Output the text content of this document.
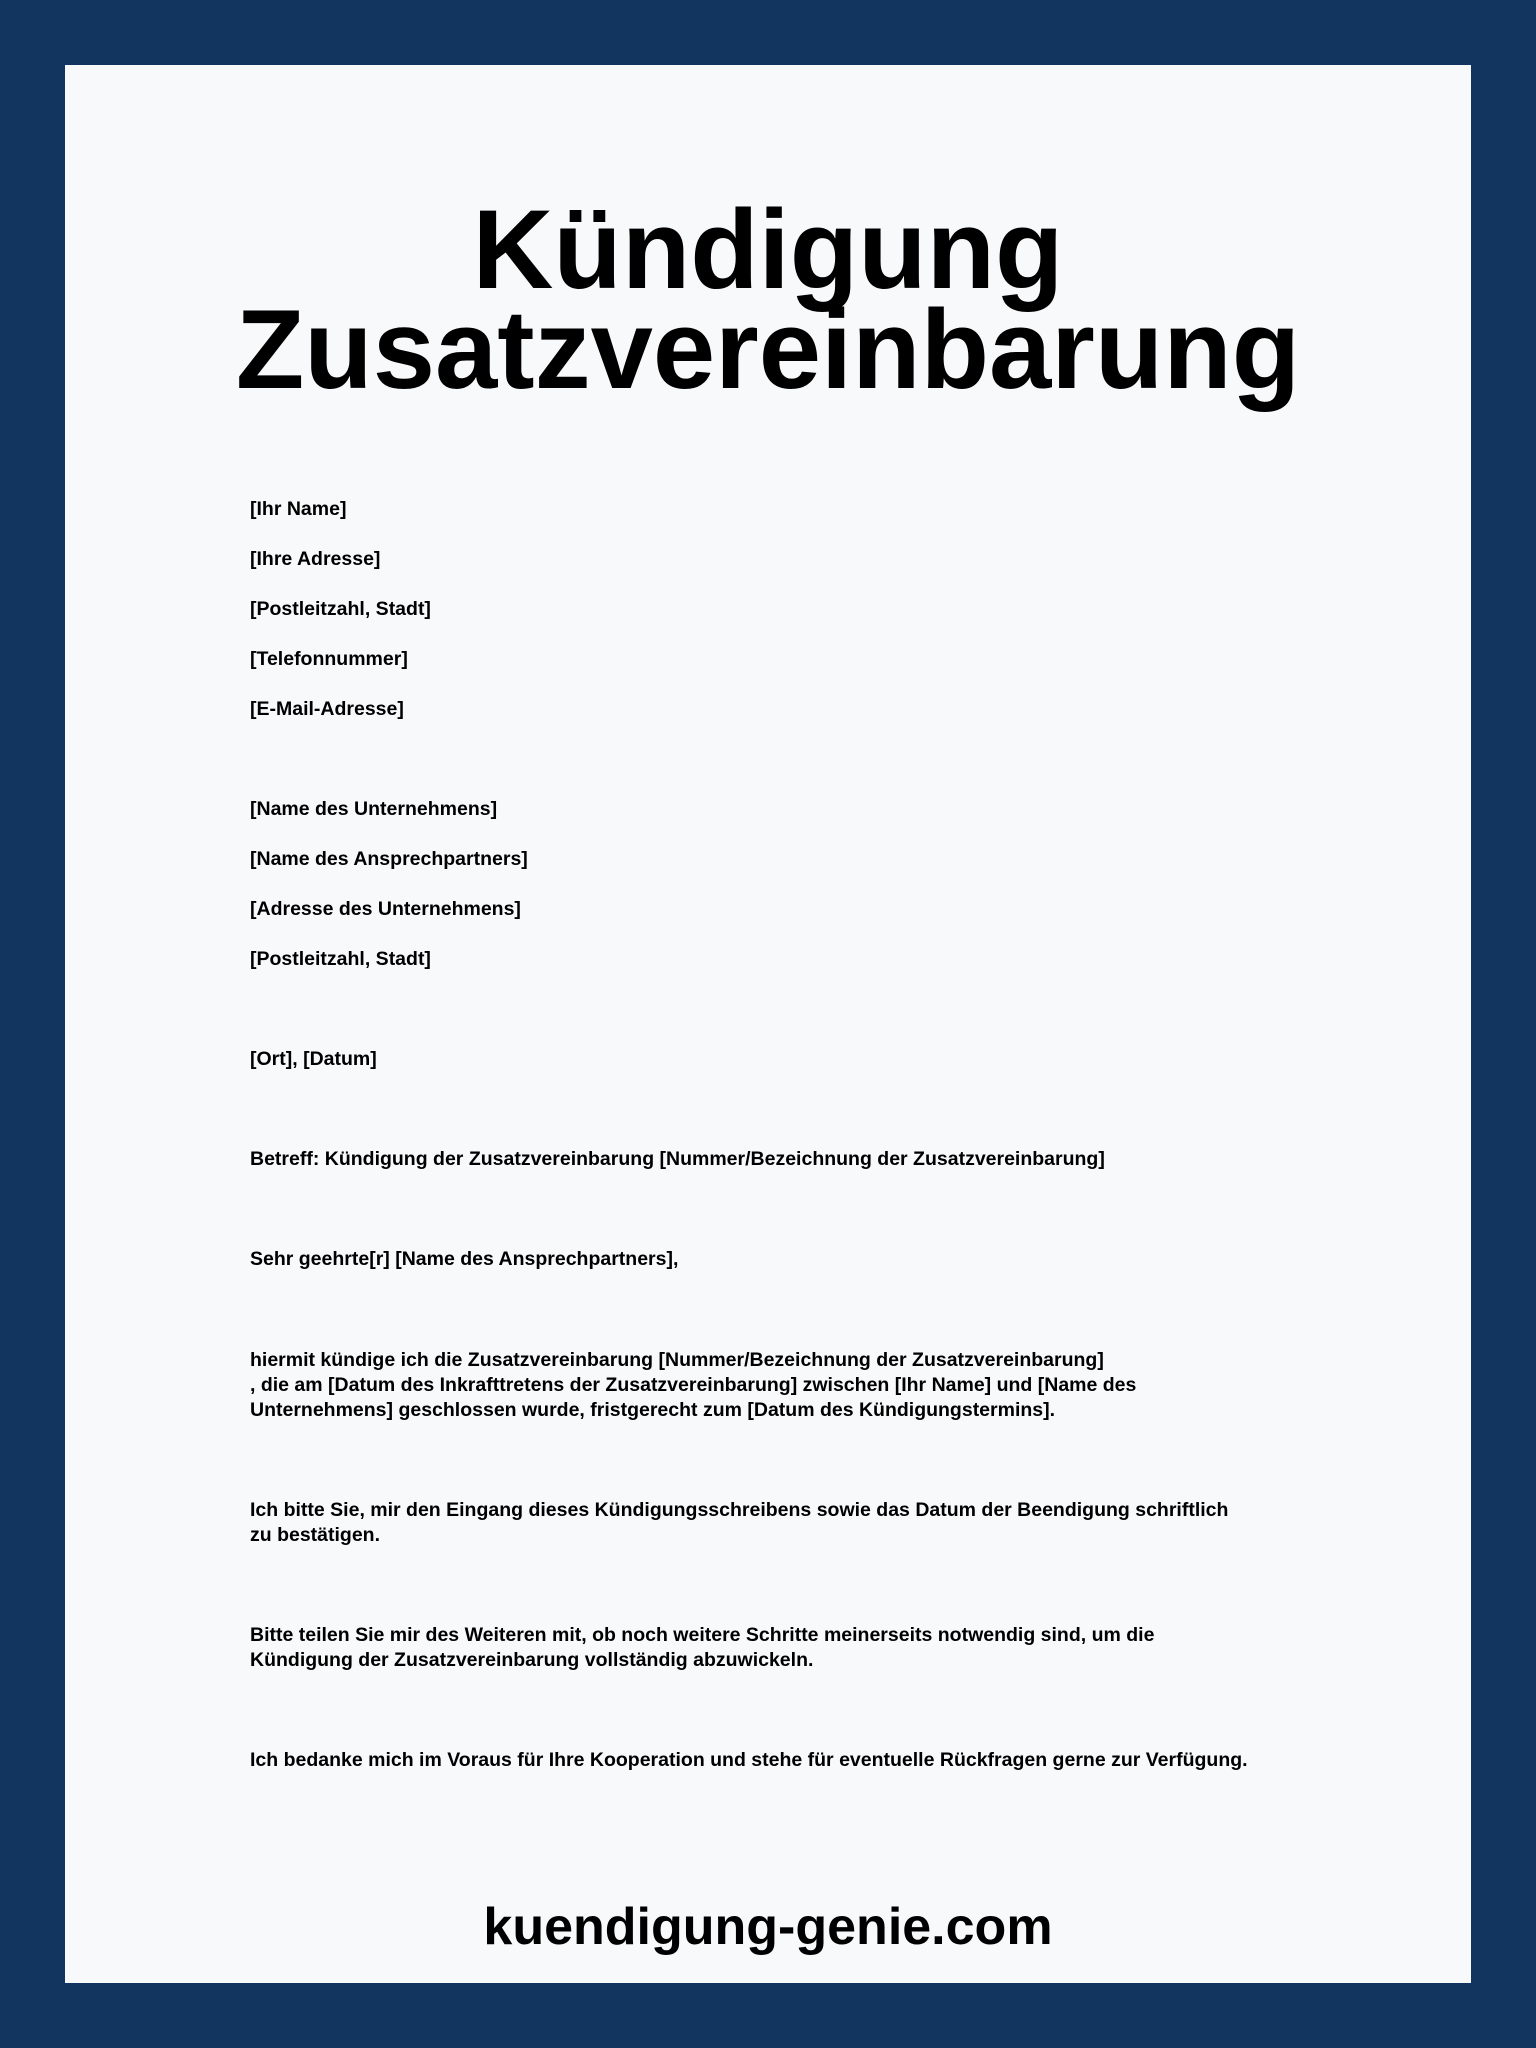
Kündigung
Zusatzvereinbarung

[Ihr Name]

[Ihre Adresse]

[Postleitzahl, Stadt]

[Telefonnummer]

[E-Mail-Adresse]

[Name des Unternehmens]

[Name des Ansprechpartners]

[Adresse des Unternehmens]

[Postleitzahl, Stadt]

[Ort], [Datum]

Betreff: Kündigung der Zusatzvereinbarung [Nummer/Bezeichnung der Zusatzvereinbarung]

Sehr geehrte[r] [Name des Ansprechpartners],

hiermit kündige ich die Zusatzvereinbarung [Nummer/Bezeichnung der Zusatzvereinbarung]
, die am [Datum des Inkrafttretens der Zusatzvereinbarung] zwischen [Ihr Name] und [Name des
Unternehmens] geschlossen wurde, fristgerecht zum [Datum des Kündigungstermins].
Ich bitte Sie, mir den Eingang dieses Kündigungsschreibens sowie das Datum der Beendigung schriftlich
zu bestätigen.
Bitte teilen Sie mir des Weiteren mit, ob noch weitere Schritte meinerseits notwendig sind, um die
Kündigung der Zusatzvereinbarung vollständig abzuwickeln.
Ich bedanke mich im Voraus für Ihre Kooperation und stehe für eventuelle Rückfragen gerne zur Verfügung.

kuendigung-genie.com
